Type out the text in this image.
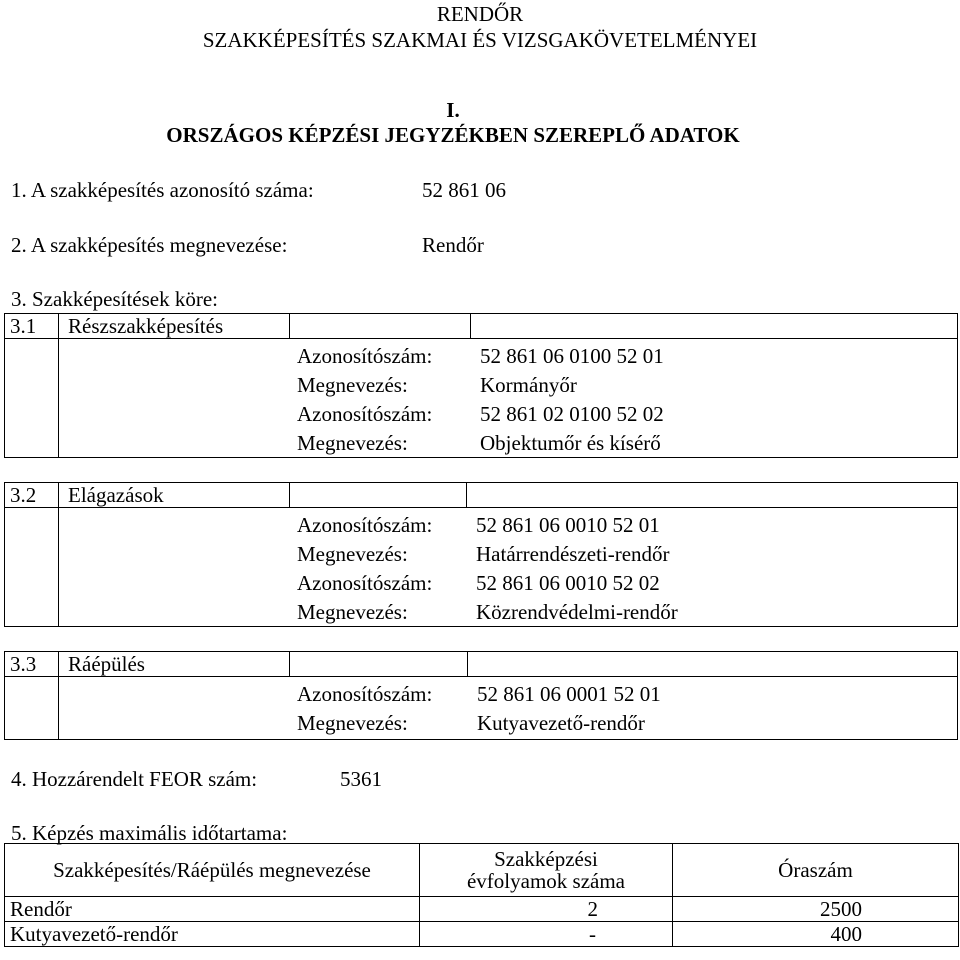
RENDŐR
SZAKKÉPESÍTÉS SZAKMAI ÉS VIZSGAKÖVETELMÉNYEI
I.
ORSZÁGOS KÉPZÉSI JEGYZÉKBEN SZEREPLŐ ADATOK
1. A szakképesítés azonosító száma:	52 861 06
2. A szakképesítés megnevezése:	Rendőr
3. Szakképesítések köre:
3.1 Részszakképesítés
Azonosítószám: 52 861 06 0100 52 01
Megnevezés:	Kormányőr
Azonosítószám: 52 861 02 0100 52 02
Megnevezés:	Objektumőr és kísérő
3.2 Elágazások
Azonosítószám: 52 861 06 0010 52 01
Megnevezés:	Határrendészeti-rendőr
Azonosítószám: 52 861 06 0010 52 02
Megnevezés:	Közrendvédelmi-rendőr
3.3 Ráépülés
Azonosítószám: 52 861 06 0001 52 01
Megnevezés:	Kutyavezető-rendőr
4. Hozzárendelt FEOR szám:	5361
5. Képzés maximális időtartama:
Szakképesítés/Ráépülés megnevezése	Szakképzési évfolyamok száma	Óraszám
Rendőr	2	2500
Kutyavezető-rendőr	-	400
